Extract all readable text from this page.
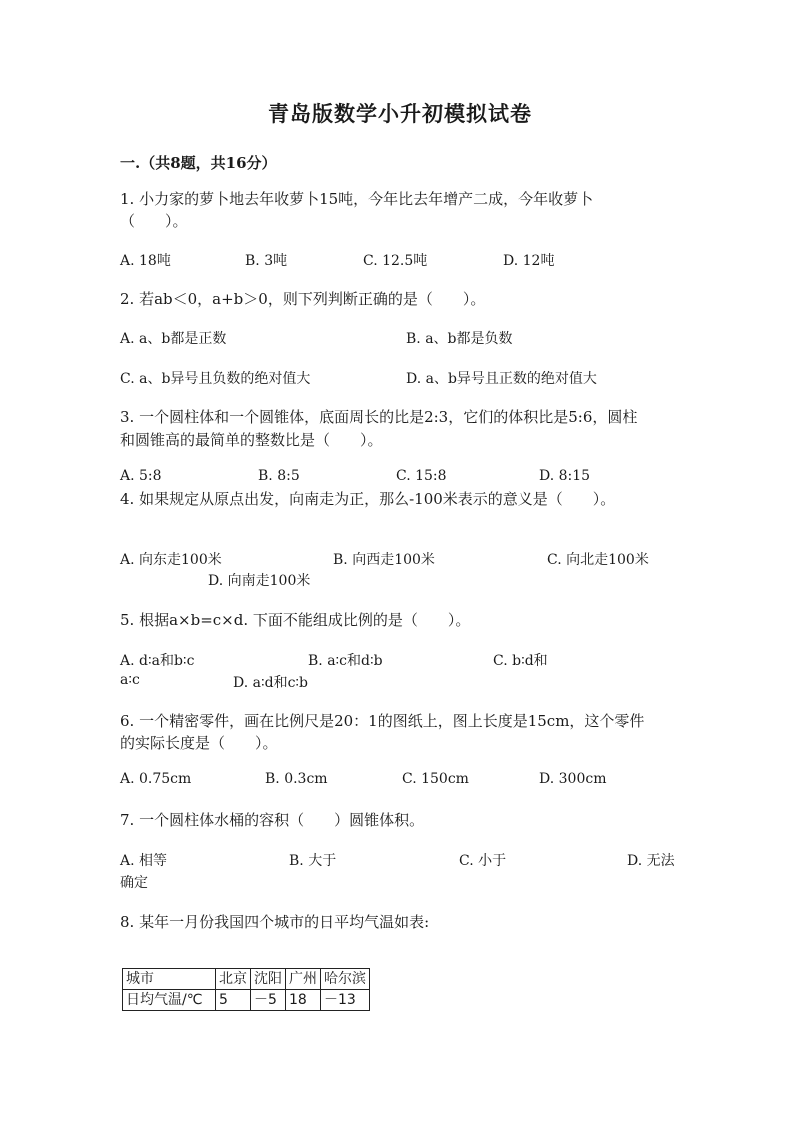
青岛版数学小升初模拟试卷
一.（共8题，共16分）
1. 小力家的萝卜地去年收萝卜15吨，今年比去年增产二成，今年收萝卜
（　　）。
A. 18吨	B. 3吨	C. 12.5吨	D. 12吨
2. 若ab＜0，a+b＞0，则下列判断正确的是（　　）。
A. a、b都是正数	B. a、b都是负数
C. a、b异号且负数的绝对值大	D. a、b异号且正数的绝对值大
3. 一个圆柱体和一个圆锥体，底面周长的比是2:3，它们的体积比是5:6，圆柱
和圆锥高的最简单的整数比是（　　）。
A. 5:8	B. 8:5	C. 15:8	D. 8:15
4. 如果规定从原点出发，向南走为正，那么-100米表示的意义是（　　）。
A. 向东走100米	B. 向西走100米	C. 向北走100米
D. 向南走100米
5. 根据a×b=c×d. 下面不能组成比例的是（　　）。
A. d∶a和b∶c	B. a∶c和d∶b	C. b∶d和
a∶c	D. a∶d和c∶b
6. 一个精密零件，画在比例尺是20：1的图纸上，图上长度是15cm，这个零件
的实际长度是（　　）。
A. 0.75cm	B. 0.3cm	C. 150cm	D. 300cm
7. 一个圆柱体水桶的容积（　　）圆锥体积。
A. 相等	B. 大于	C. 小于	D. 无法
确定
8. 某年一月份我国四个城市的日平均气温如表:
城市	北京	沈阳	广州	哈尔滨
日均气温/℃	5	－5	18	－13
